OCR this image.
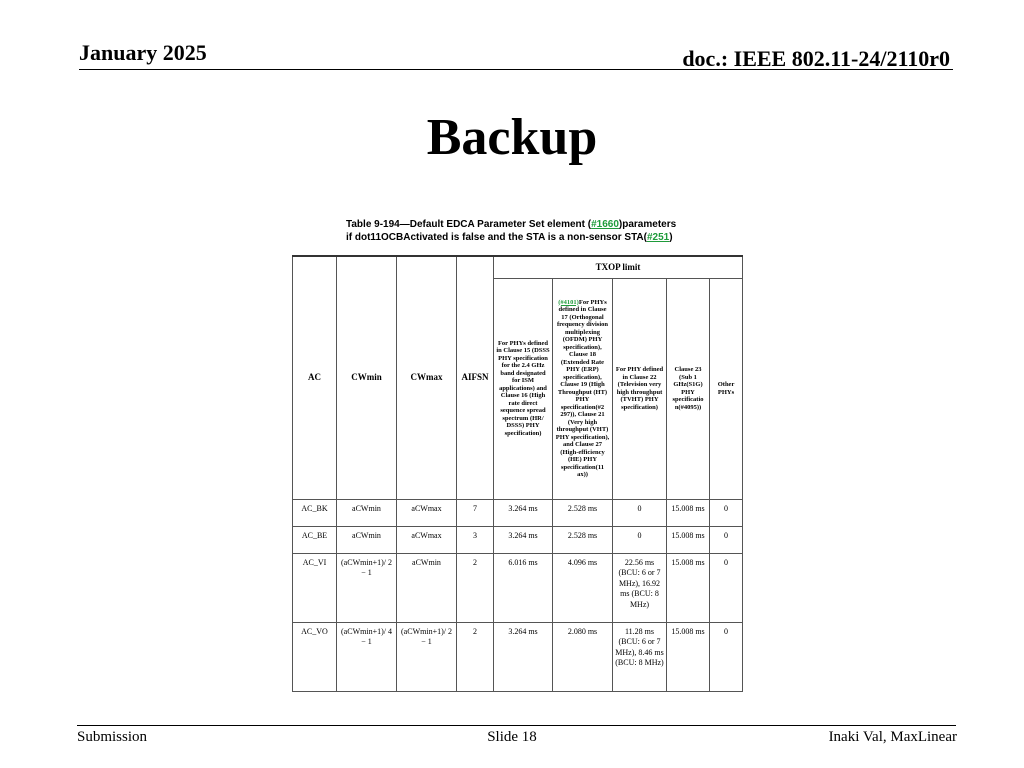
January 2025	doc.: IEEE 802.11-24/2110r0
Backup
Table 9-194—Default EDCA Parameter Set element (#1660)parameters
if dot11OCBActivated is false and the STA is a non-sensor STA(#251)
AC	CWmin	CWmax	AIFSN	TXOP limit				
				For PHYs defined in Clause 15 (DSSS PHY specification for the 2.4 GHz band designated for ISM applications) and Clause 16 (High rate direct sequence spread spectrum (HR/ DSSS) PHY specification)	(#4101)For PHYs defined in Clause 17 (Orthogonal frequency division multiplexing (OFDM) PHY specification), Clause 18 (Extended Rate PHY (ERP) specification), Clause 19 (High Throughput (HT) PHY specification(#2 297)), Clause 21 (Very high throughput (VHT) PHY specification), and Clause 27 (High-efficiency (HE) PHY specification(11 ax))	For PHY defined in Clause 22 (Television very high throughput (TVHT) PHY specification)	Clause 23 (Sub 1 GHz(S1G) PHY specificatio n(#4095))	Other PHYs
AC_BK	aCWmin	aCWmax	7	3.264 ms	2.528 ms	0	15.008 ms	0
AC_BE	aCWmin	aCWmax	3	3.264 ms	2.528 ms	0	15.008 ms	0
AC_VI	(aCWmin+1)/ 2 − 1	aCWmin	2	6.016 ms	4.096 ms	22.56 ms (BCU: 6 or 7 MHz), 16.92 ms (BCU: 8 MHz)	15.008 ms	0
AC_VO	(aCWmin+1)/ 4 − 1	(aCWmin+1)/ 2 − 1	2	3.264 ms	2.080 ms	11.28 ms (BCU: 6 or 7 MHz), 8.46 ms (BCU: 8 MHz)	15.008 ms	0
Submission	Slide 18	Inaki Val, MaxLinear
